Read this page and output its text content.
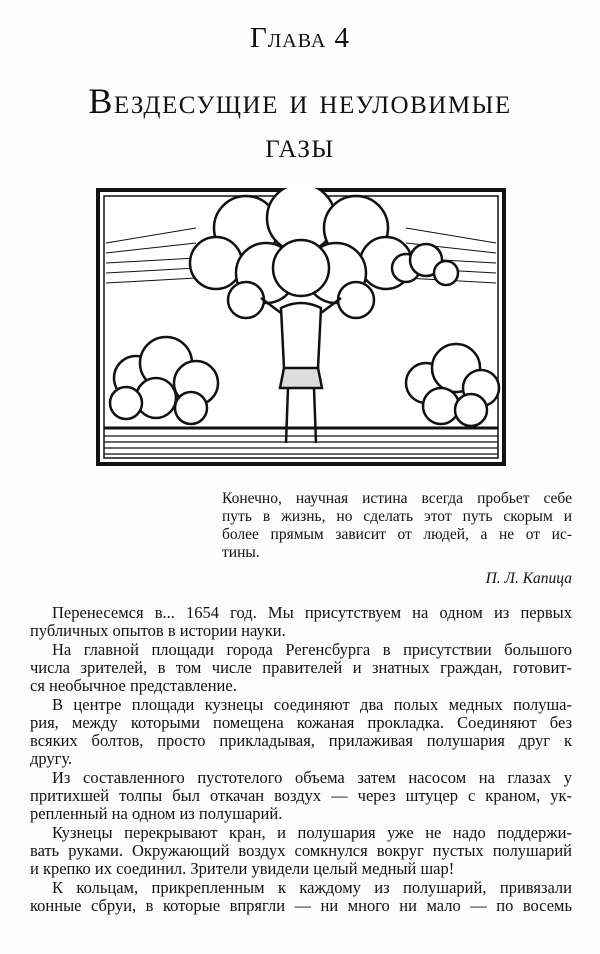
Глава 4
Вездесущие и неуловимые
газы
Конечно, научная истина всегда пробьет себе
путь в жизнь, но сделать этот путь скорым и
более прямым зависит от людей, а не от ис-
тины.
П. Л. Капица
Перенесемся в... 1654 год. Мы присутствуем на одном из первых
публичных опытов в истории науки.
На главной площади города Регенсбурга в присутствии большого
числа зрителей, в том числе правителей и знатных граждан, готовит-
ся необычное представление.
В центре площади кузнецы соединяют два полых медных полуша-
рия, между которыми помещена кожаная прокладка. Соединяют без
всяких болтов, просто прикладывая, прилаживая полушария друг к
другу.
Из составленного пустотелого объема затем насосом на глазах у
притихшей толпы был откачан воздух — через штуцер с краном, ук-
репленный на одном из полушарий.
Кузнецы перекрывают кран, и полушария уже не надо поддержи-
вать руками. Окружающий воздух сомкнулся вокруг пустых полушарий
и крепко их соединил. Зрители увидели целый медный шар!
К кольцам, прикрепленным к каждому из полушарий, привязали
конные сбруи, в которые впрягли — ни много ни мало — по восемь
